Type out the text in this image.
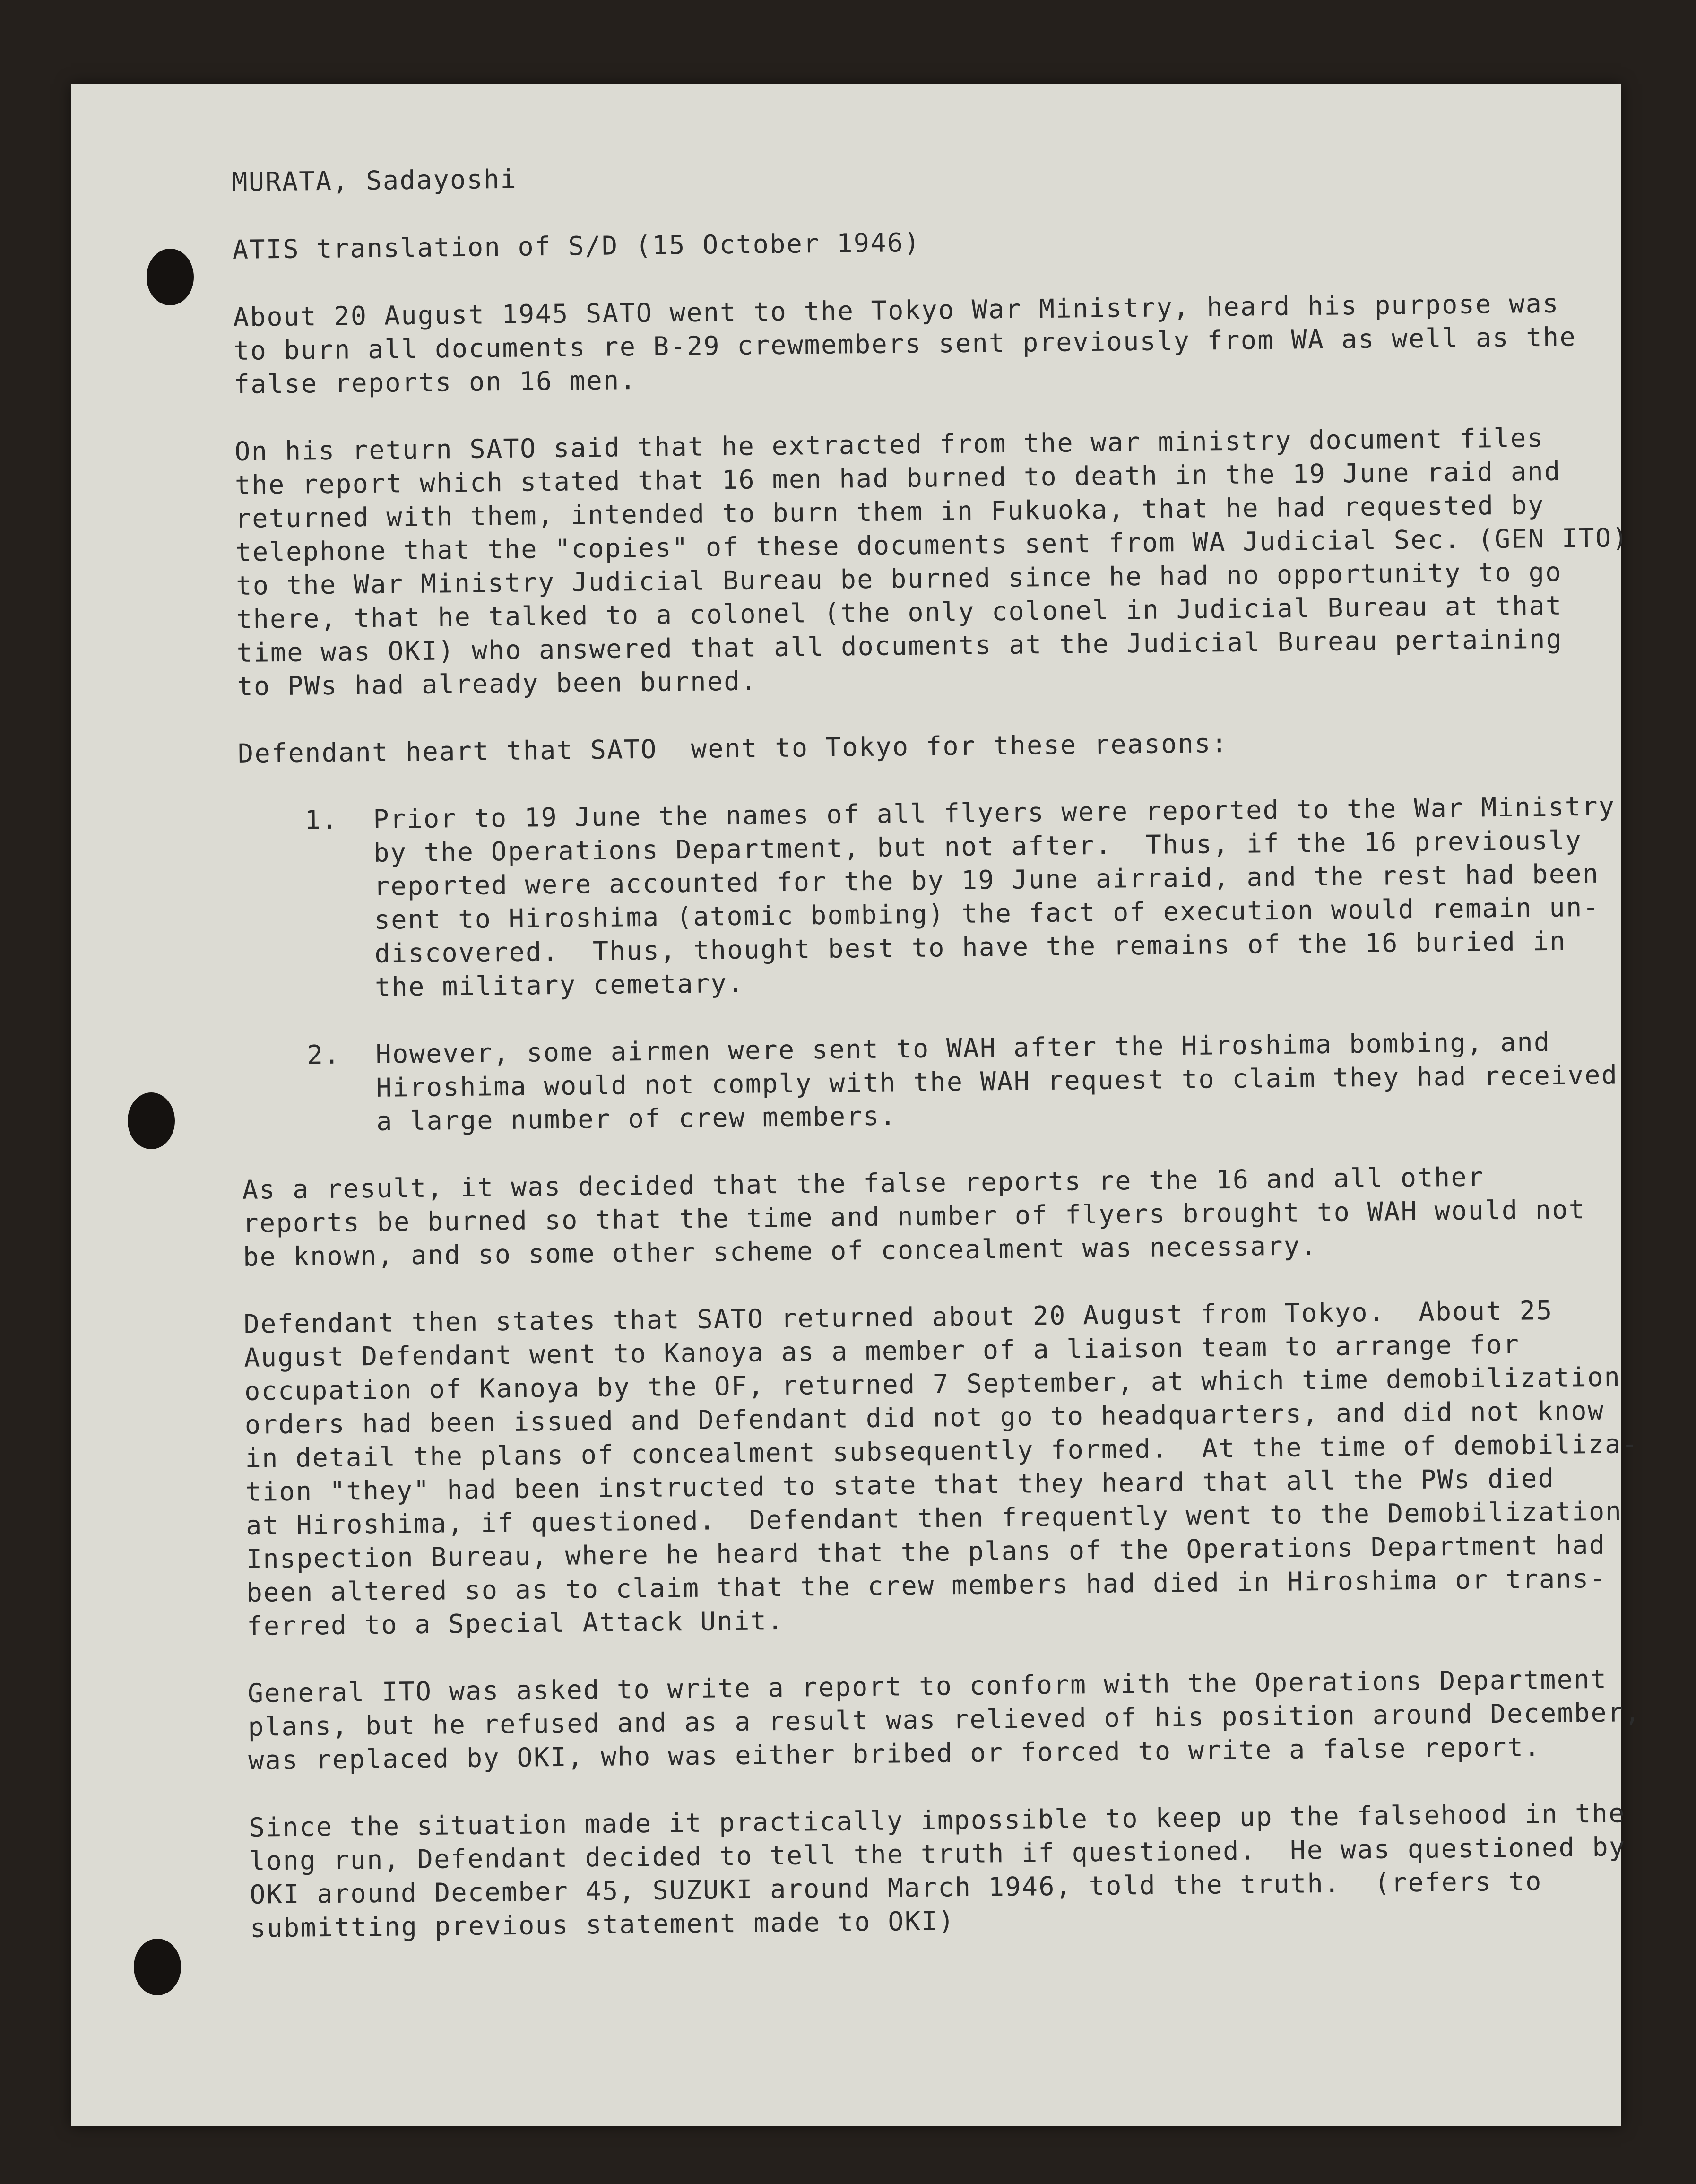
MURATA, Sadayoshi
ATIS translation of S/D (15 October 1946)
About 20 August 1945 SATO went to the Tokyo War Ministry, heard his purpose was
to burn all documents re B-29 crewmembers sent previously from WA as well as the
false reports on 16 men.
On his return SATO said that he extracted from the war ministry document files
the report which stated that 16 men had burned to death in the 19 June raid and
returned with them, intended to burn them in Fukuoka, that he had requested by
telephone that the "copies" of these documents sent from WA Judicial Sec. (GEN ITO)
to the War Ministry Judicial Bureau be burned since he had no opportunity to go
there, that he talked to a colonel (the only colonel in Judicial Bureau at that
time was OKI) who answered that all documents at the Judicial Bureau pertaining
to PWs had already been burned.
Defendant heart that SATO  went to Tokyo for these reasons:
1. Prior to 19 June the names of all flyers were reported to the War Ministry
by the Operations Department, but not after.  Thus, if the 16 previously
reported were accounted for the by 19 June airraid, and the rest had been
sent to Hiroshima (atomic bombing) the fact of execution would remain un-
discovered.  Thus, thought best to have the remains of the 16 buried in
the military cemetary.
2. However, some airmen were sent to WAH after the Hiroshima bombing, and
Hiroshima would not comply with the WAH request to claim they had received
a large number of crew members.
As a result, it was decided that the false reports re the 16 and all other
reports be burned so that the time and number of flyers brought to WAH would not
be known, and so some other scheme of concealment was necessary.
Defendant then states that SATO returned about 20 August from Tokyo.  About 25
August Defendant went to Kanoya as a member of a liaison team to arrange for
occupation of Kanoya by the OF, returned 7 September, at which time demobilization
orders had been issued and Defendant did not go to headquarters, and did not know
in detail the plans of concealment subsequently formed.  At the time of demobiliza-
tion "they" had been instructed to state that they heard that all the PWs died
at Hiroshima, if questioned.  Defendant then frequently went to the Demobilization
Inspection Bureau, where he heard that the plans of the Operations Department had
been altered so as to claim that the crew members had died in Hiroshima or trans-
ferred to a Special Attack Unit.
General ITO was asked to write a report to conform with the Operations Department
plans, but he refused and as a result was relieved of his position around December,
was replaced by OKI, who was either bribed or forced to write a false report.
Since the situation made it practically impossible to keep up the falsehood in the
long run, Defendant decided to tell the truth if questioned.  He was questioned by
OKI around December 45, SUZUKI around March 1946, told the truth.  (refers to
submitting previous statement made to OKI)
